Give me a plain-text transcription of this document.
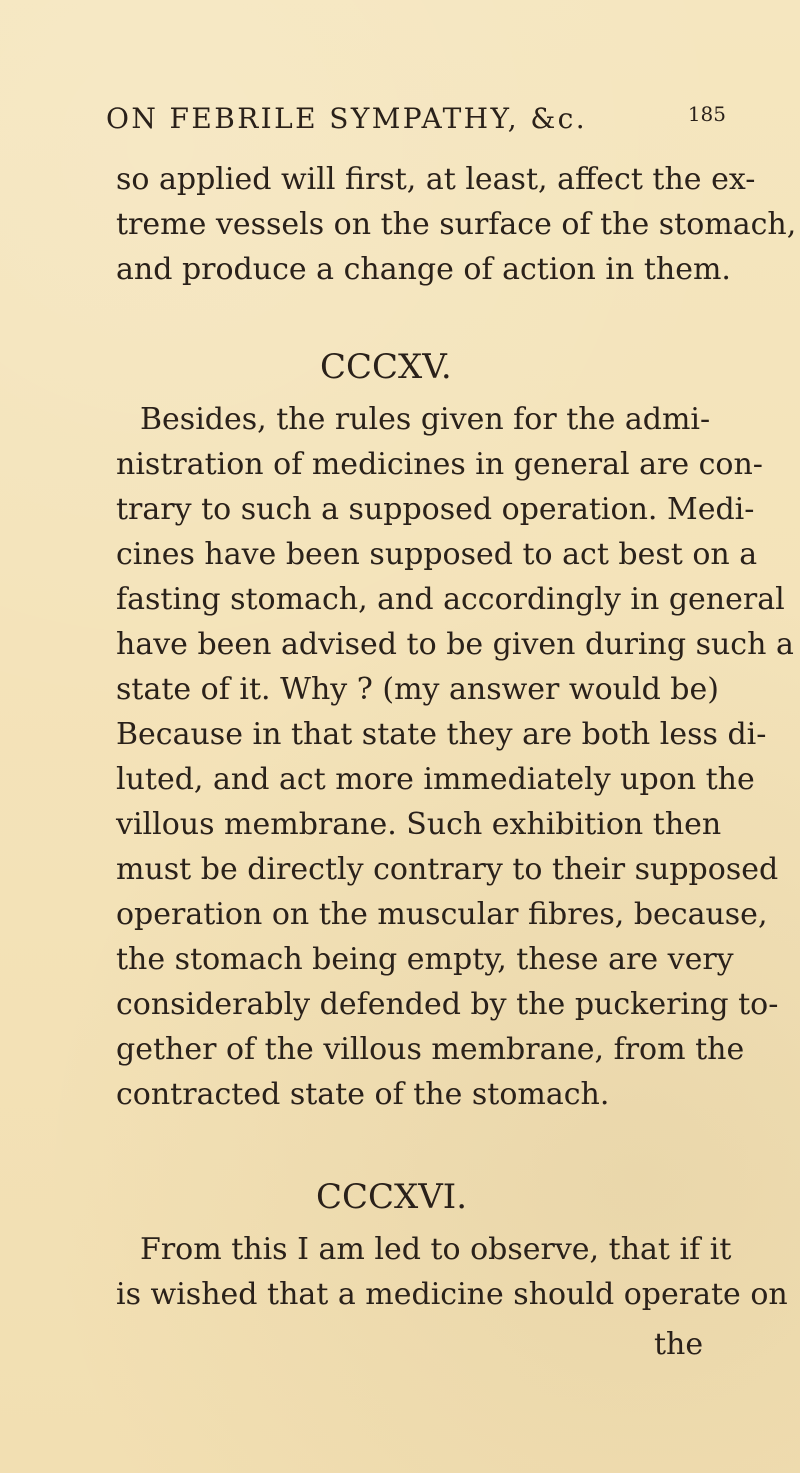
ON FEBRILE SYMPATHY, &c.	185
so applied will first, at least, affect the ex-
treme vessels on the surface of the stomach,
and produce a change of action in them.
CCCXV.
Besides, the rules given for the admi-
nistration of medicines in general are con-
trary to such a supposed operation. Medi-
cines have been supposed to act best on a
fasting stomach, and accordingly in general
have been advised to be given during such a
state of it. Why ? (my answer would be)
Because in that state they are both less di-
luted, and act more immediately upon the
villous membrane. Such exhibition then
must be directly contrary to their supposed
operation on the muscular fibres, because,
the stomach being empty, these are very
considerably defended by the puckering to-
gether of the villous membrane, from the
contracted state of the stomach.
CCCXVI.
From this I am led to observe, that if it
is wished that a medicine should operate on
the
